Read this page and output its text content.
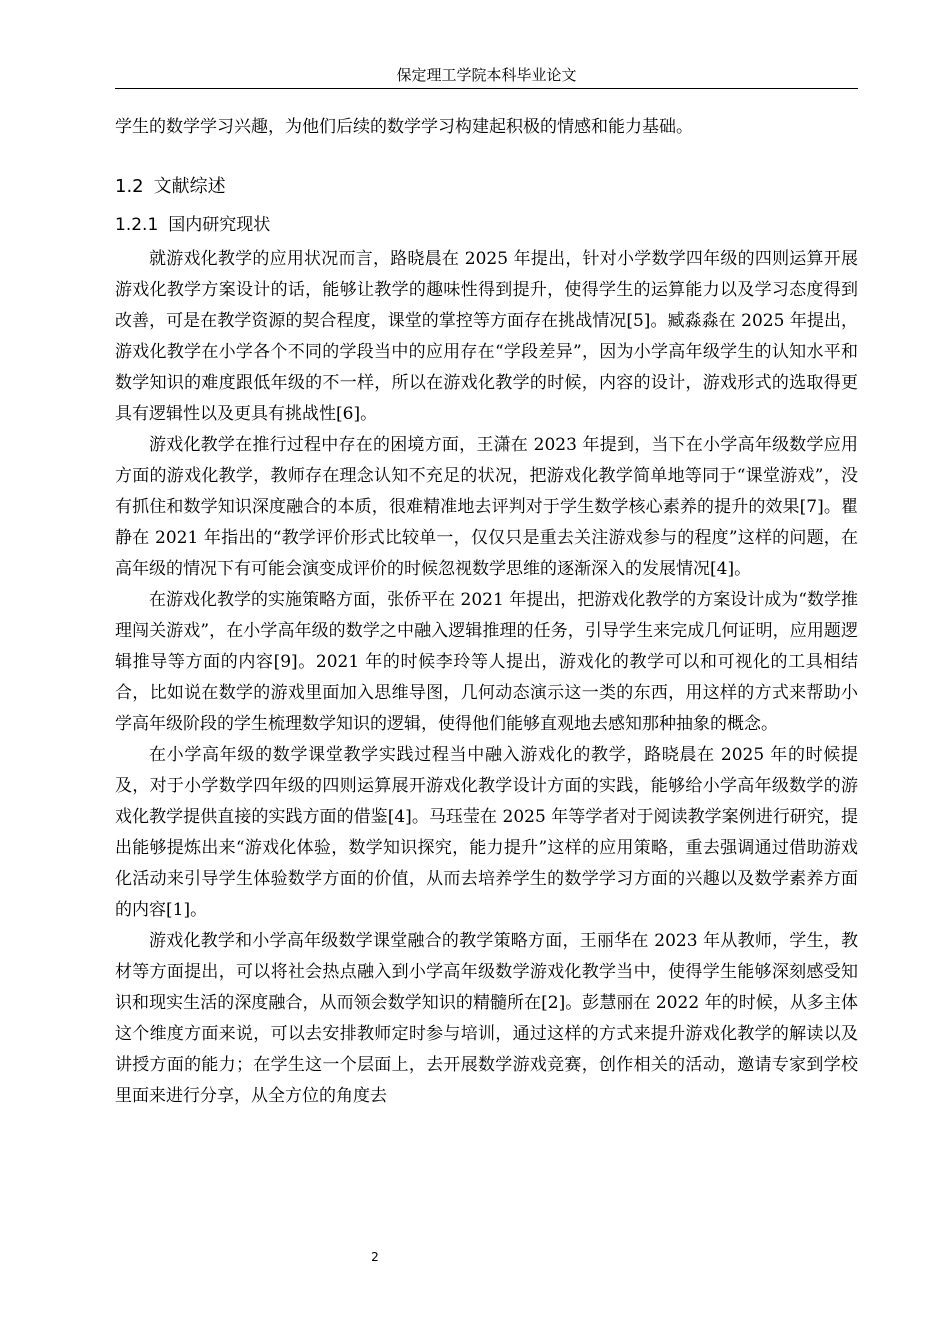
保定理工学院本科毕业论文

学生的数学学习兴趣，为他们后续的数学学习构建起积极的情感和能力基础。

1.2 文献综述
1.2.1 国内研究现状

就游戏化教学的应用状况而言，路晓晨在 2025 年提出，针对小学数学四年级的四则运算开展游戏化教学方案设计的话，能够让教学的趣味性得到提升，使得学生的运算能力以及学习态度得到改善，可是在教学资源的契合程度，课堂的掌控等方面存在挑战情况[5]。臧淼淼在 2025 年提出，游戏化教学在小学各个不同的学段当中的应用存在“学段差异”，因为小学高年级学生的认知水平和数学知识的难度跟低年级的不一样，所以在游戏化教学的时候，内容的设计，游戏形式的选取得更具有逻辑性以及更具有挑战性[6]。

游戏化教学在推行过程中存在的困境方面，王潇在 2023 年提到，当下在小学高年级数学应用方面的游戏化教学，教师存在理念认知不充足的状况，把游戏化教学简单地等同于“课堂游戏”，没有抓住和数学知识深度融合的本质，很难精准地去评判对于学生数学核心素养的提升的效果[7]。瞿静在 2021 年指出的“教学评价形式比较单一，仅仅只是重去关注游戏参与的程度”这样的问题，在高年级的情况下有可能会演变成评价的时候忽视数学思维的逐渐深入的发展情况[4]。

在游戏化教学的实施策略方面，张侨平在 2021 年提出，把游戏化教学的方案设计成为“数学推理闯关游戏”，在小学高年级的数学之中融入逻辑推理的任务，引导学生来完成几何证明，应用题逻辑推导等方面的内容[9]。2021 年的时候李玲等人提出，游戏化的教学可以和可视化的工具相结合，比如说在数学的游戏里面加入思维导图，几何动态演示这一类的东西，用这样的方式来帮助小学高年级阶段的学生梳理数学知识的逻辑，使得他们能够直观地去感知那种抽象的概念。

在小学高年级的数学课堂教学实践过程当中融入游戏化的教学，路晓晨在 2025 年的时候提及，对于小学数学四年级的四则运算展开游戏化教学设计方面的实践，能够给小学高年级数学的游戏化教学提供直接的实践方面的借鉴[4]。马珏莹在 2025 年等学者对于阅读教学案例进行研究，提出能够提炼出来“游戏化体验，数学知识探究，能力提升”这样的应用策略，重去强调通过借助游戏化活动来引导学生体验数学方面的价值，从而去培养学生的数学学习方面的兴趣以及数学素养方面的内容[1]。

游戏化教学和小学高年级数学课堂融合的教学策略方面，王丽华在 2023 年从教师，学生，教材等方面提出，可以将社会热点融入到小学高年级数学游戏化教学当中，使得学生能够深刻感受知识和现实生活的深度融合，从而领会数学知识的精髓所在[2]。彭慧丽在 2022 年的时候，从多主体这个维度方面来说，可以去安排教师定时参与培训，通过这样的方式来提升游戏化教学的解读以及讲授方面的能力；在学生这一个层面上，去开展数学游戏竞赛，创作相关的活动，邀请专家到学校里面来进行分享，从全方位的角度去

2
